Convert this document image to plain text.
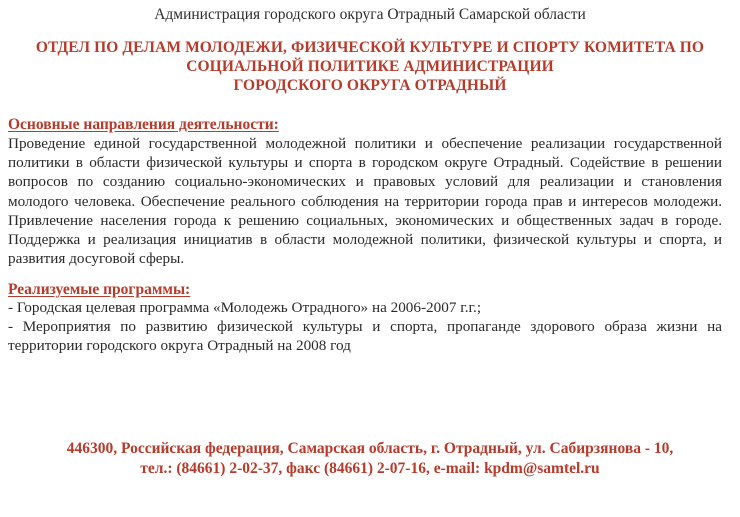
Администрация городского округа Отрадный Самарской области
ОТДЕЛ ПО ДЕЛАМ МОЛОДЕЖИ, ФИЗИЧЕСКОЙ КУЛЬТУРЕ И СПОРТУ КОМИТЕТА ПО
СОЦИАЛЬНОЙ ПОЛИТИКЕ АДМИНИСТРАЦИИ
ГОРОДСКОГО ОКРУГА ОТРАДНЫЙ
Основные направления деятельности:
Проведение единой государственной молодежной политики и обеспечение реализации государственной политики в области физической культуры и спорта в городском округе Отрадный. Содействие в решении вопросов по созданию социально-экономических и правовых условий для реализации и становления молодого человека. Обеспечение реального соблюдения на территории города прав и интересов молодежи. Привлечение населения города к решению социальных, экономических и общественных задач в городе. Поддержка и реализация инициатив в области молодежной политики, физической культуры и спорта, и развития досуговой сферы.
Реализуемые программы:
- Городская целевая программа «Молодежь Отрадного» на 2006-2007 г.г.;
- Мероприятия по развитию физической культуры и спорта, пропаганде здорового образа жизни на территории городского округа Отрадный на 2008 год
446300, Российская федерация, Самарская область, г. Отрадный, ул. Сабирзянова - 10,
тел.: (84661) 2-02-37, факс (84661) 2-07-16, e-mail: kpdm@samtel.ru
